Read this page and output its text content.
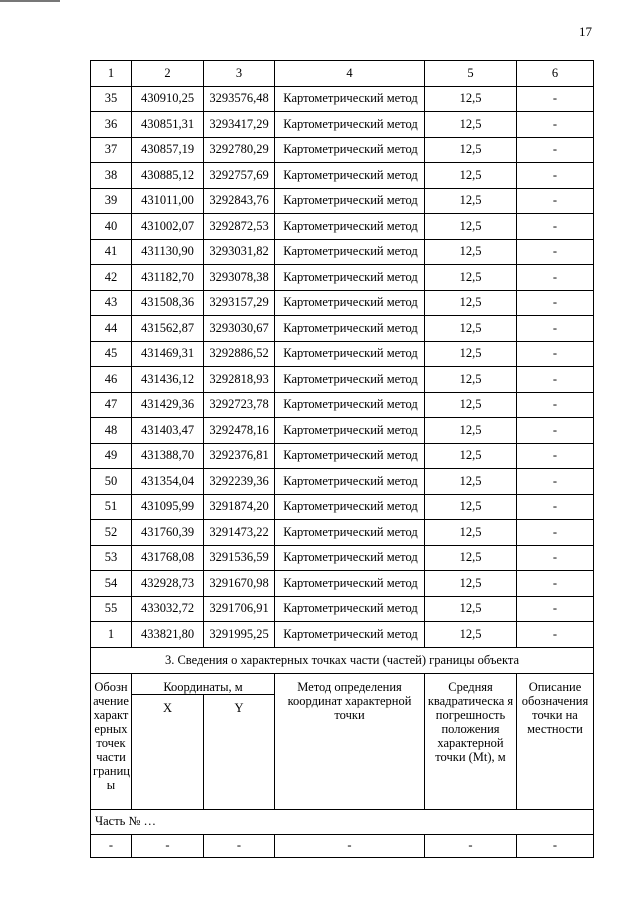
17
1	2	3	4	5	6
35	430910,25	3293576,48	Картометрический метод	12,5	-
36	430851,31	3293417,29	Картометрический метод	12,5	-
37	430857,19	3292780,29	Картометрический метод	12,5	-
38	430885,12	3292757,69	Картометрический метод	12,5	-
39	431011,00	3292843,76	Картометрический метод	12,5	-
40	431002,07	3292872,53	Картометрический метод	12,5	-
41	431130,90	3293031,82	Картометрический метод	12,5	-
42	431182,70	3293078,38	Картометрический метод	12,5	-
43	431508,36	3293157,29	Картометрический метод	12,5	-
44	431562,87	3293030,67	Картометрический метод	12,5	-
45	431469,31	3292886,52	Картометрический метод	12,5	-
46	431436,12	3292818,93	Картометрический метод	12,5	-
47	431429,36	3292723,78	Картометрический метод	12,5	-
48	431403,47	3292478,16	Картометрический метод	12,5	-
49	431388,70	3292376,81	Картометрический метод	12,5	-
50	431354,04	3292239,36	Картометрический метод	12,5	-
51	431095,99	3291874,20	Картометрический метод	12,5	-
52	431760,39	3291473,22	Картометрический метод	12,5	-
53	431768,08	3291536,59	Картометрический метод	12,5	-
54	432928,73	3291670,98	Картометрический метод	12,5	-
55	433032,72	3291706,91	Картометрический метод	12,5	-
1	433821,80	3291995,25	Картометрический метод	12,5	-
3. Сведения о характерных точках части (частей) границы объекта					
Обозн ачение характ ерных точек части границ ы	Координаты, м		Метод определения координат характерной точки	Средняя квадратическа я погрешность положения характерной точки (Mt), м	Описание обозначения точки на местности
	X	Y			
Часть № …					
-	-	-	-	-	-
